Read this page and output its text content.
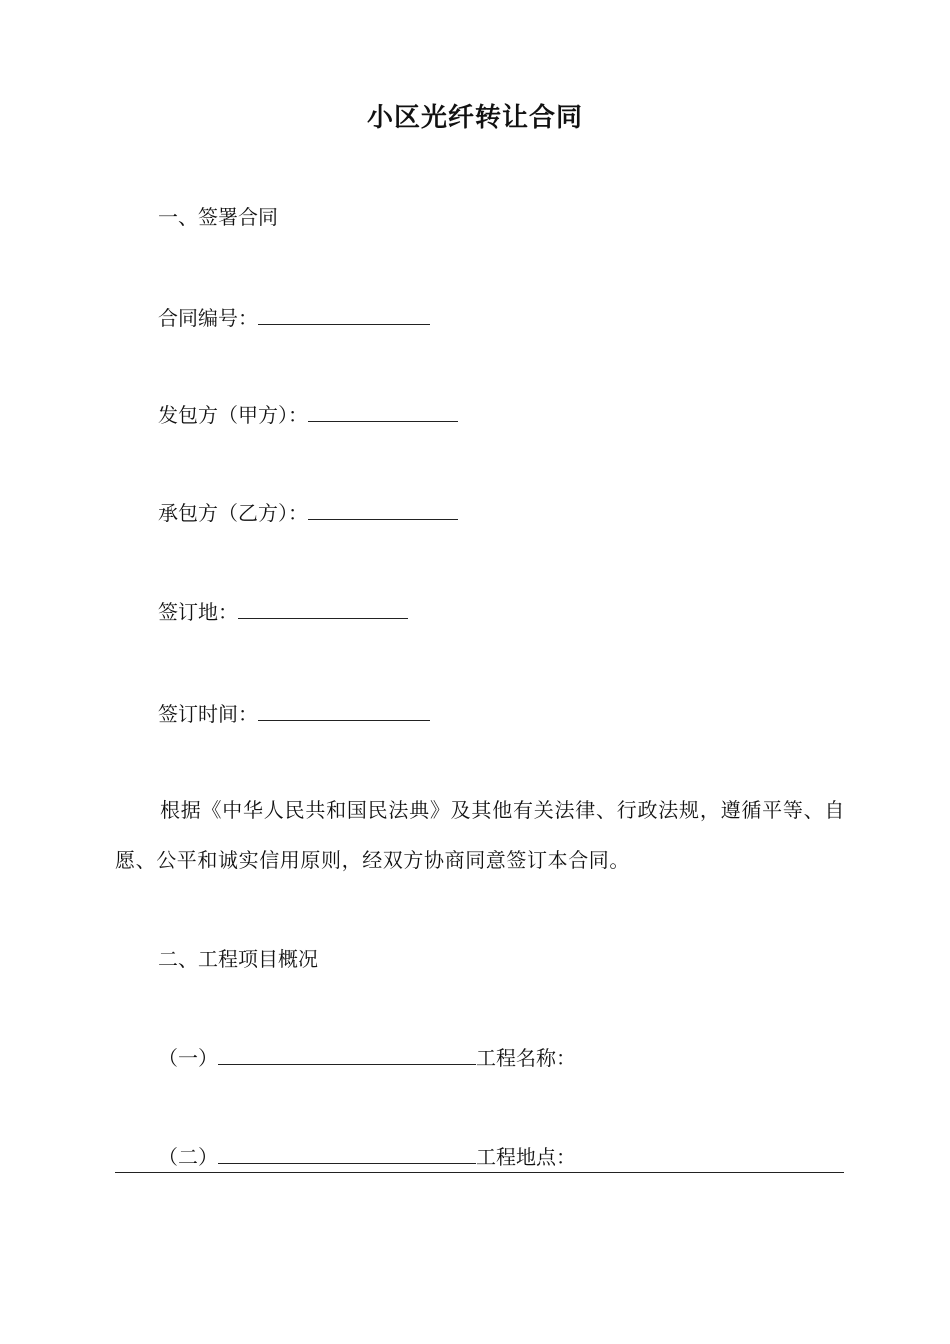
小区光纤转让合同
一、签署合同
合同编号：
发包方（甲方）：
承包方（乙方）：
签订地：
签订时间：
根据《中华人民共和国民法典》及其他有关法律、行政法规，遵循平等、自愿、公平和诚实信用原则，经双方协商同意签订本合同。
二、工程项目概况
（一）	工程名称：
（二）	工程地点：
